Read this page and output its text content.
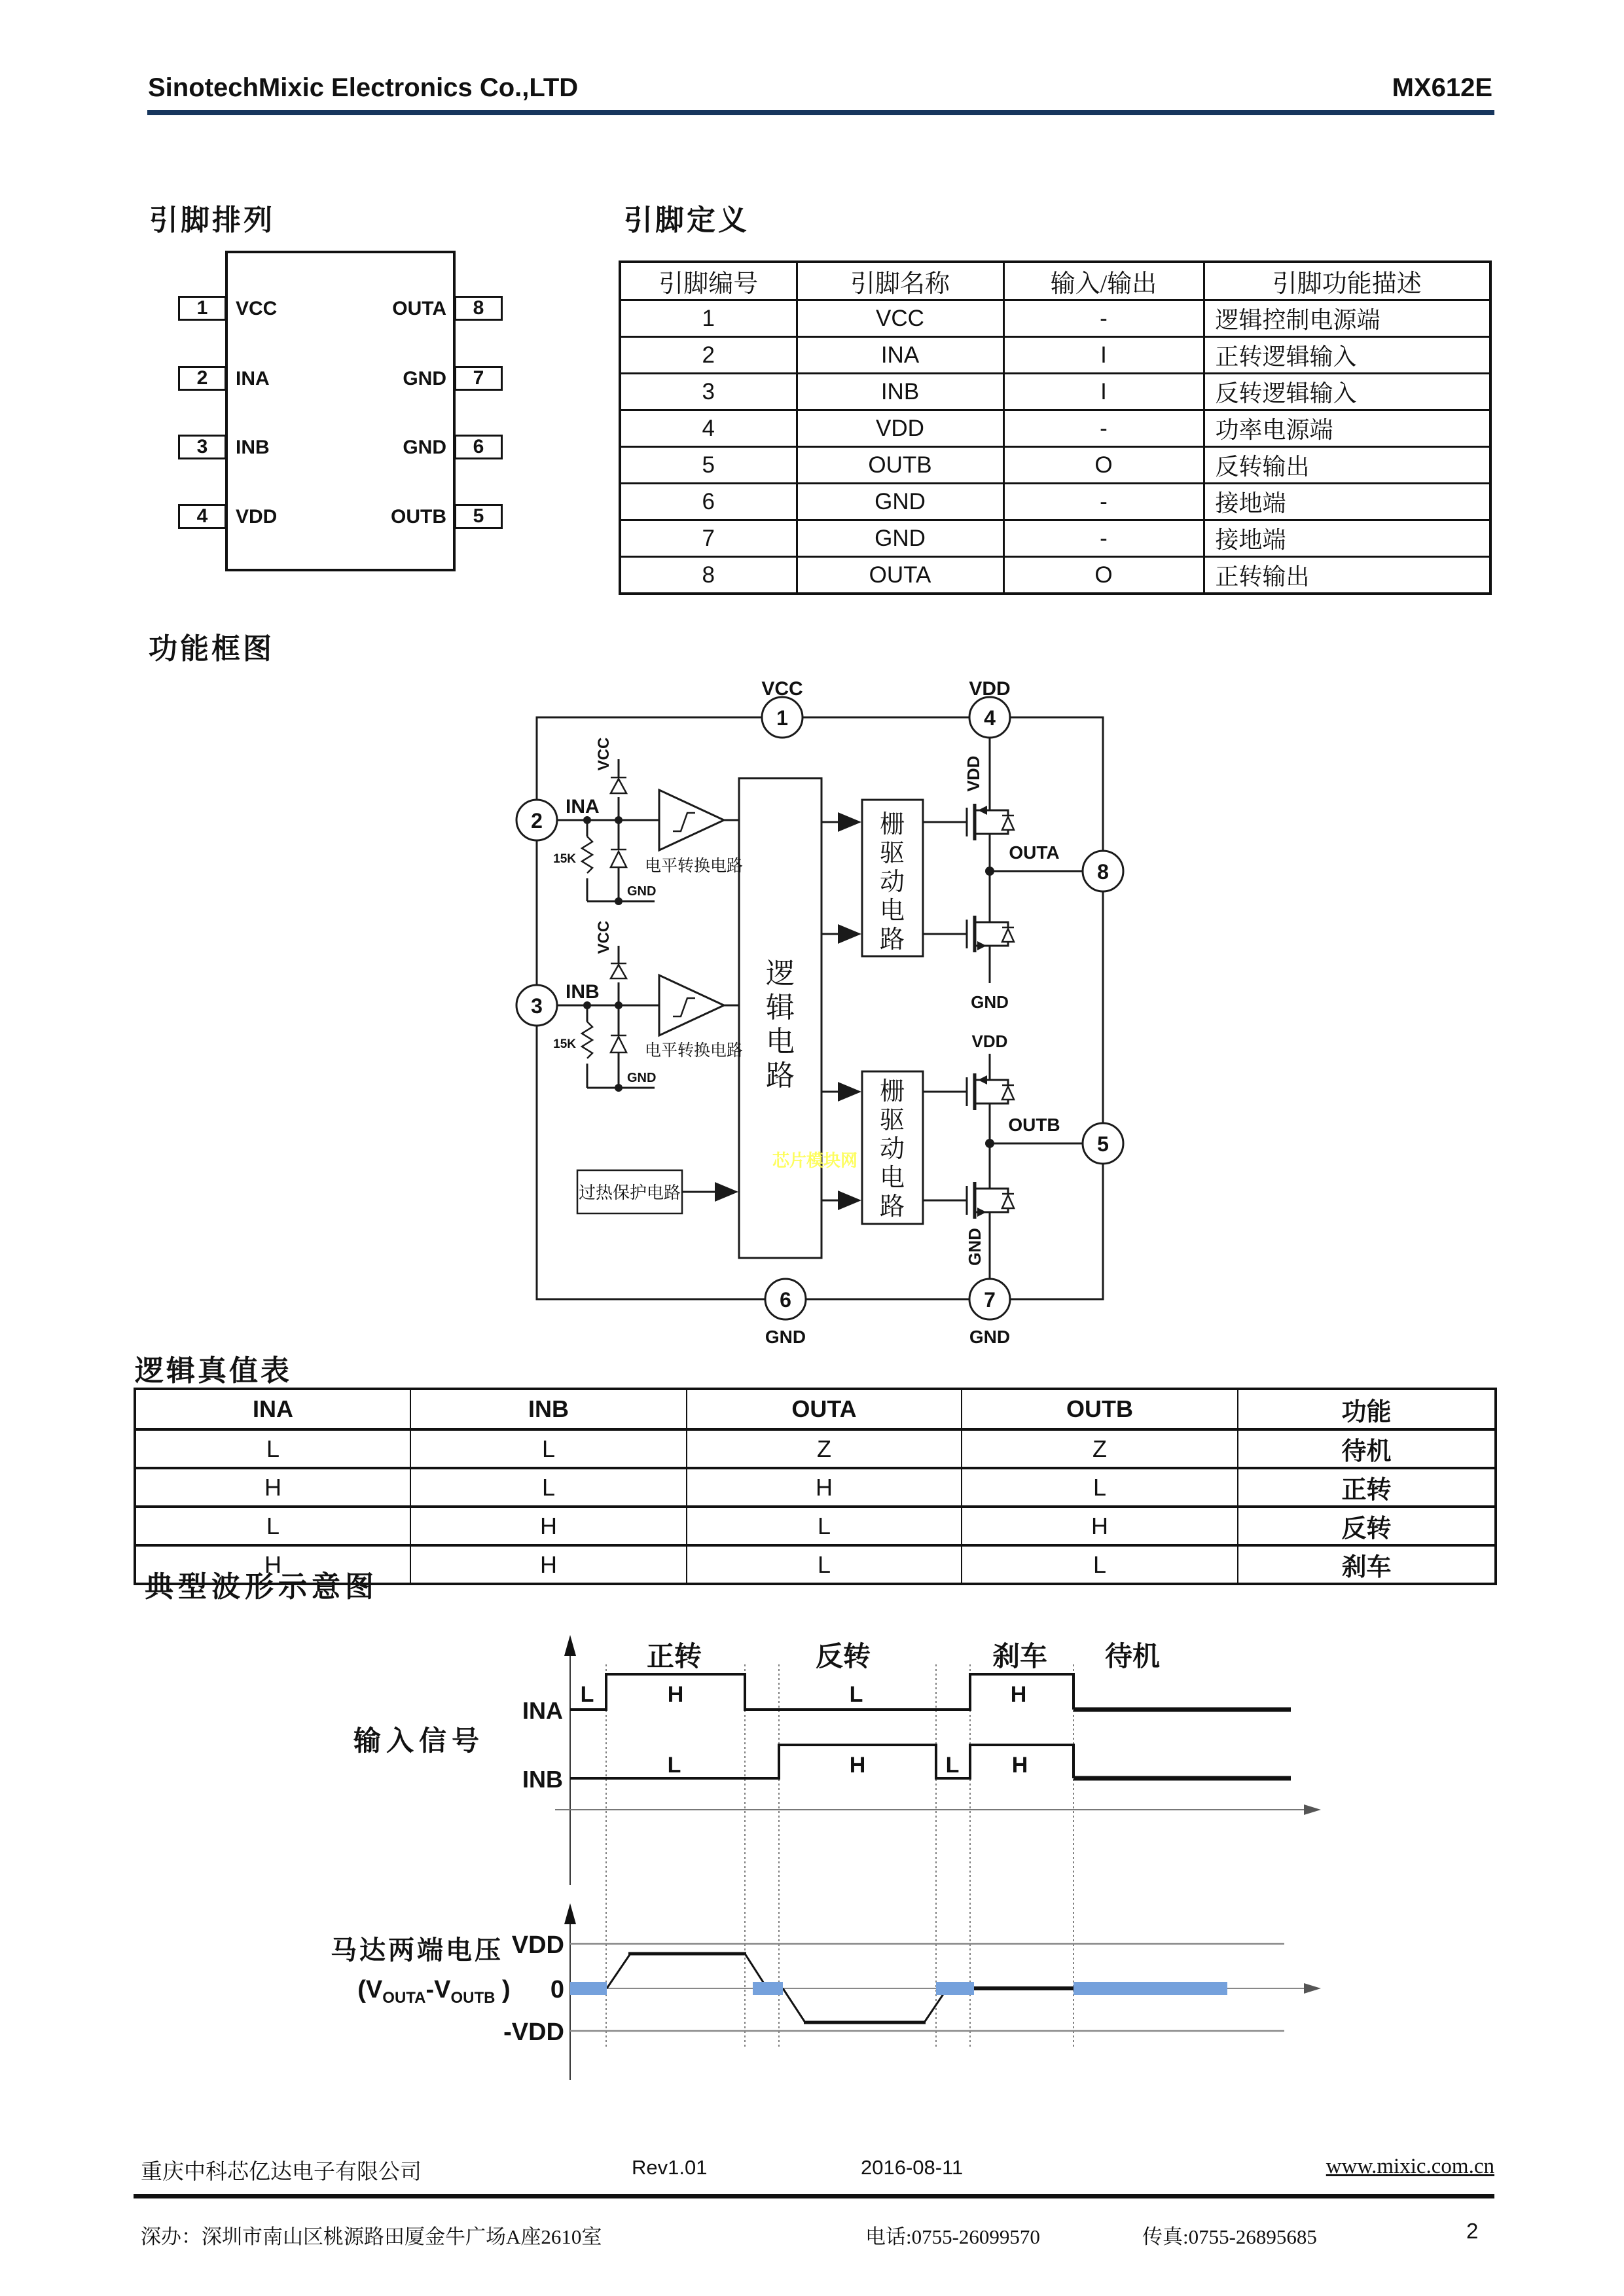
SinotechMixic Electronics Co.,LTD	MX612E
引脚排列	引脚定义
功能框图
逻辑真值表
典型波形示意图
1
2
3
4
8
7
6
5
VCC
INA
INB
VDD
OUTA
GND
GND
OUTB
引脚编号	引脚名称	输入/输出	引脚功能描述
1	VCC	-	逻辑控制电源端
2	INA	I	正转逻辑输入
3	INB	I	反转逻辑输入
4	VDD	-	功率电源端
5	OUTB	O	反转输出
6	GND	-	接地端
7	GND	-	接地端
8	OUTA	O	正转输出
1	4
2
3
8
5
6	7
VCC	VDD
GND	GND
INA
INB
OUTA
OUTB
VCC
VCC
GND
GND
15K
15K
VDD
GND
VDD
GND
电平转换电路
电平转换电路
过热保护电路
芯片模块网
逻辑电路
栅驱动电路
栅驱动电路
INA	INB	OUTA	OUTB	功能
L	L	Z	Z	待机
H	L	H	L	正转
L	H	L	H	反转
H	H	L	L	刹车
正转	反转	刹车 待机
L	H	L	H
L	H	L H
INA
INB
输入信号
马达两端电压
($V_{OUTA}-V_{OUTB}$ )
VDD
0
-VDD
重庆中科芯亿达电子有限公司	Rev1.01	2016-08-11	www.mixic.com.cn
深办：深圳市南山区桃源路田厦金牛广场A座2610室	电话:0755-26099570	传真:0755-26895685	2
